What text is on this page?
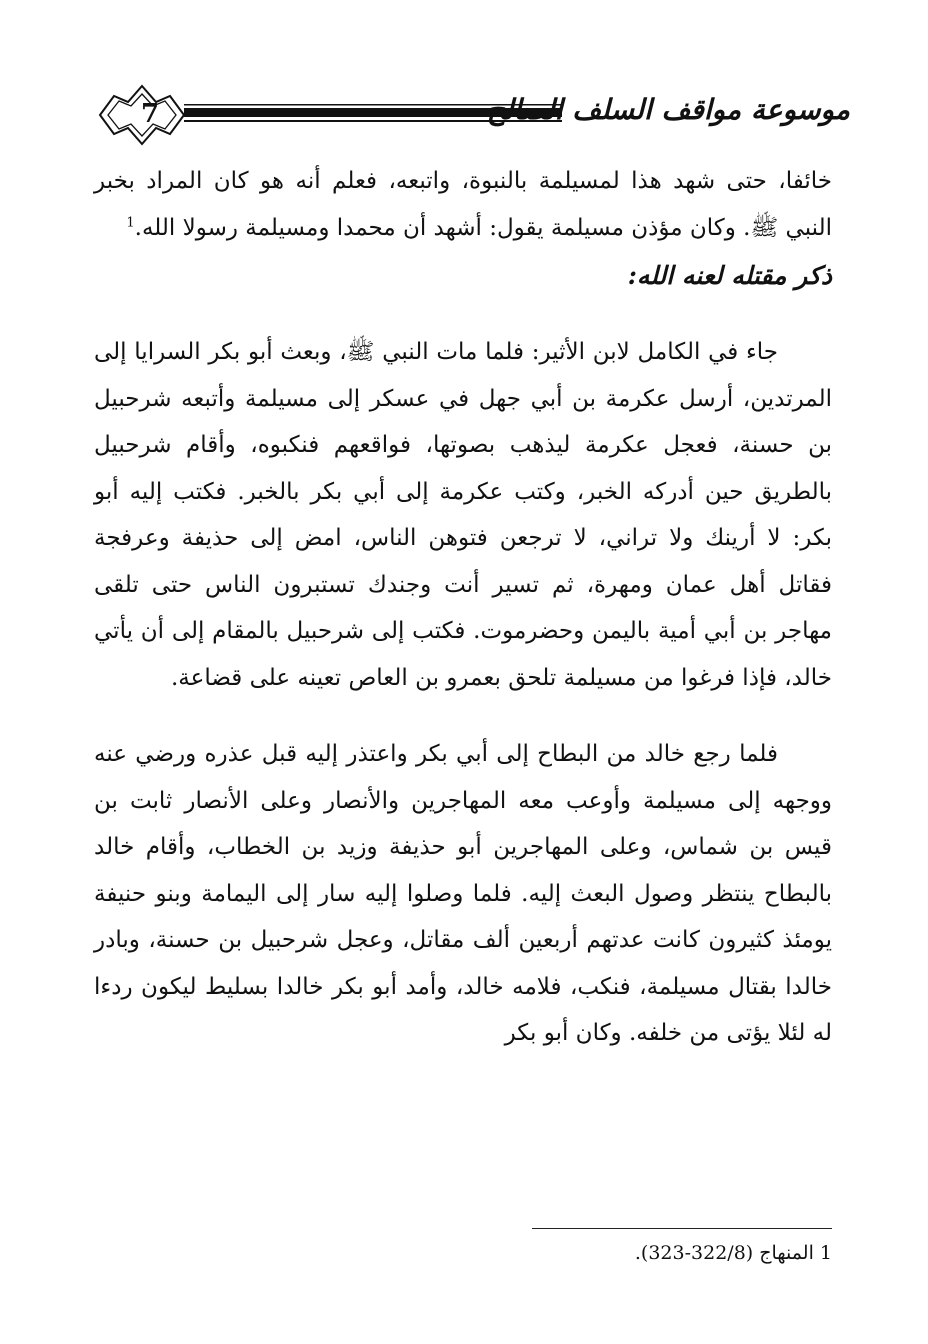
7	موسوعة مواقف السلف الصالح

خائفا، حتى شهد هذا لمسيلمة بالنبوة، واتبعه، فعلم أنه هو كان المراد بخبر النبي ﷺ. وكان مؤذن مسيلمة يقول: أشهد أن محمدا ومسيلمة رسولا الله.$^1$

ذكر مقتله لعنه الله:

جاء في الكامل لابن الأثير: فلما مات النبي ﷺ، وبعث أبو بكر السرايا إلى المرتدين، أرسل عكرمة بن أبي جهل في عسكر إلى مسيلمة وأتبعه شرحبيل بن حسنة، فعجل عكرمة ليذهب بصوتها، فواقعهم فنكبوه، وأقام شرحبيل بالطريق حين أدركه الخبر، وكتب عكرمة إلى أبي بكر بالخبر. فكتب إليه أبو بكر: لا أرينك ولا تراني، لا ترجعن فتوهن الناس، امض إلى حذيفة وعرفجة فقاتل أهل عمان ومهرة، ثم تسير أنت وجندك تستبرون الناس حتى تلقى مهاجر بن أبي أمية باليمن وحضرموت. فكتب إلى شرحبيل بالمقام إلى أن يأتي خالد، فإذا فرغوا من مسيلمة تلحق بعمرو بن العاص تعينه على قضاعة.

فلما رجع خالد من البطاح إلى أبي بكر واعتذر إليه قبل عذره ورضي عنه ووجهه إلى مسيلمة وأوعب معه المهاجرين والأنصار وعلى الأنصار ثابت بن قيس بن شماس، وعلى المهاجرين أبو حذيفة وزيد بن الخطاب، وأقام خالد بالبطاح ينتظر وصول البعث إليه. فلما وصلوا إليه سار إلى اليمامة وبنو حنيفة يومئذ كثيرون كانت عدتهم أربعين ألف مقاتل، وعجل شرحبيل بن حسنة، وبادر خالدا بقتال مسيلمة، فنكب، فلامه خالد، وأمد أبو بكر خالدا بسليط ليكون ردءا له لئلا يؤتى من خلفه. وكان أبو بكر

1 المنهاج (322/8-323).
